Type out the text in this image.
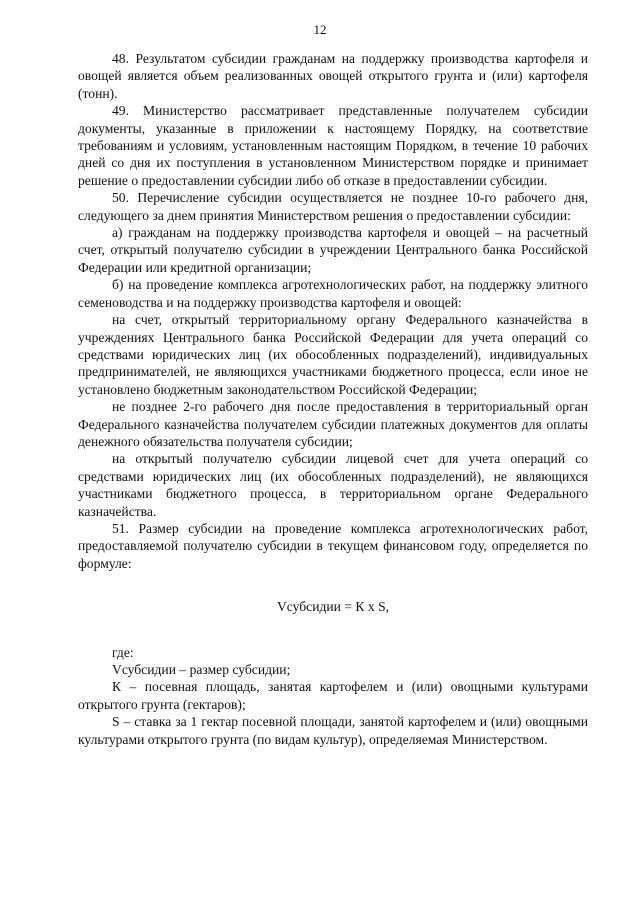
12

48. Результатом субсидии гражданам на поддержку производства картофеля и овощей является объем реализованных овощей открытого грунта и (или) картофеля (тонн).

49. Министерство рассматривает представленные получателем субсидии документы, указанные в приложении к настоящему Порядку, на соответствие требованиям и условиям, установленным настоящим Порядком, в течение 10 рабочих дней со дня их поступления в установленном Министерством порядке и принимает решение о предоставлении субсидии либо об отказе в предоставлении субсидии.

50. Перечисление субсидии осуществляется не позднее 10-го рабочего дня, следующего за днем принятия Министерством решения о предоставлении субсидии:

а) гражданам на поддержку производства картофеля и овощей – на расчетный счет, открытый получателю субсидии в учреждении Центрального банка Российской Федерации или кредитной организации;

б) на проведение комплекса агротехнологических работ, на поддержку элитного семеноводства и на поддержку производства картофеля и овощей:

на счет, открытый территориальному органу Федерального казначейства в учреждениях Центрального банка Российской Федерации для учета операций со средствами юридических лиц (их обособленных подразделений), индивидуальных предпринимателей, не являющихся участниками бюджетного процесса, если иное не установлено бюджетным законодательством Российской Федерации;

не позднее 2-го рабочего дня после предоставления в территориальный орган Федерального казначейства получателем субсидии платежных документов для оплаты денежного обязательства получателя субсидии;

на открытый получателю субсидии лицевой счет для учета операций со средствами юридических лиц (их обособленных подразделений), не являющихся участниками бюджетного процесса, в территориальном органе Федерального казначейства.

51. Размер субсидии на проведение комплекса агротехнологических работ, предоставляемой получателю субсидии в текущем финансовом году, определяется по формуле:

Vсубсидии = К х S,

где:

Vсубсидии – размер субсидии;

К – посевная площадь, занятая картофелем и (или) овощными культурами открытого грунта (гектаров);

S – ставка за 1 гектар посевной площади, занятой картофелем и (или) овощными культурами открытого грунта (по видам культур), определяемая Министерством.
